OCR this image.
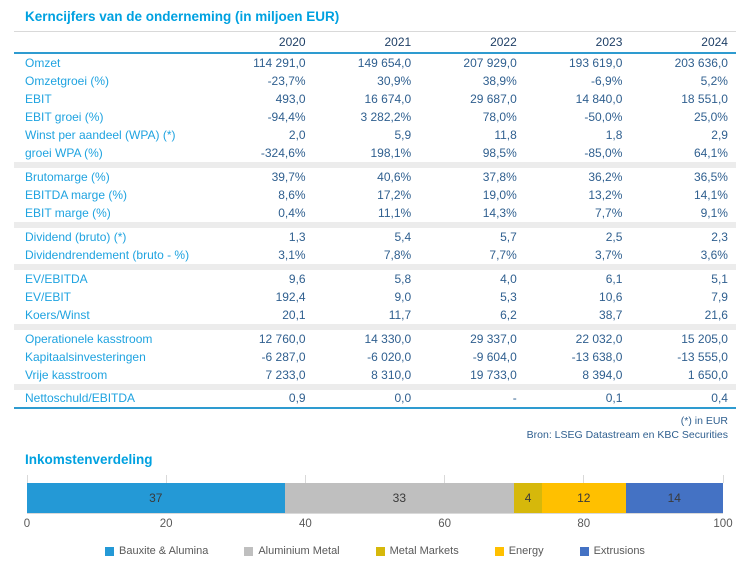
Kerncijfers van de onderneming (in miljoen EUR)
2020	2021	2022	2023	2024
Omzet	114 291,0	149 654,0	207 929,0	193 619,0	203 636,0
Omzetgroei (%)	-23,7%	30,9%	38,9%	-6,9%	5,2%
EBIT	493,0	16 674,0	29 687,0	14 840,0	18 551,0
EBIT groei (%)	-94,4%	3 282,2%	78,0%	-50,0%	25,0%
Winst per aandeel (WPA) (*)	2,0	5,9	11,8	1,8	2,9
groei WPA (%)	-324,6%	198,1%	98,5%	-85,0%	64,1%
Brutomarge (%)	39,7%	40,6%	37,8%	36,2%	36,5%
EBITDA marge (%)	8,6%	17,2%	19,0%	13,2%	14,1%
EBIT marge (%)	0,4%	11,1%	14,3%	7,7%	9,1%
Dividend (bruto) (*)	1,3	5,4	5,7	2,5	2,3
Dividendrendement (bruto - %)	3,1%	7,8%	7,7%	3,7%	3,6%
EV/EBITDA	9,6	5,8	4,0	6,1	5,1
EV/EBIT	192,4	9,0	5,3	10,6	7,9
Koers/Winst	20,1	11,7	6,2	38,7	21,6
Operationele kasstroom	12 760,0	14 330,0	29 337,0	22 032,0	15 205,0
Kapitaalsinvesteringen	-6 287,0	-6 020,0	-9 604,0	-13 638,0	-13 555,0
Vrije kasstroom	7 233,0	8 310,0	19 733,0	8 394,0	1 650,0
Nettoschuld/EBITDA	0,9	0,0	-	0,1	0,4
(*) in EUR
Bron: LSEG Datastream en KBC Securities
Inkomstenverdeling
37	33	4	12	14
0	20	40	60	80	100
Bauxite & Alumina	Aluminium Metal	Metal Markets	Energy	Extrusions
